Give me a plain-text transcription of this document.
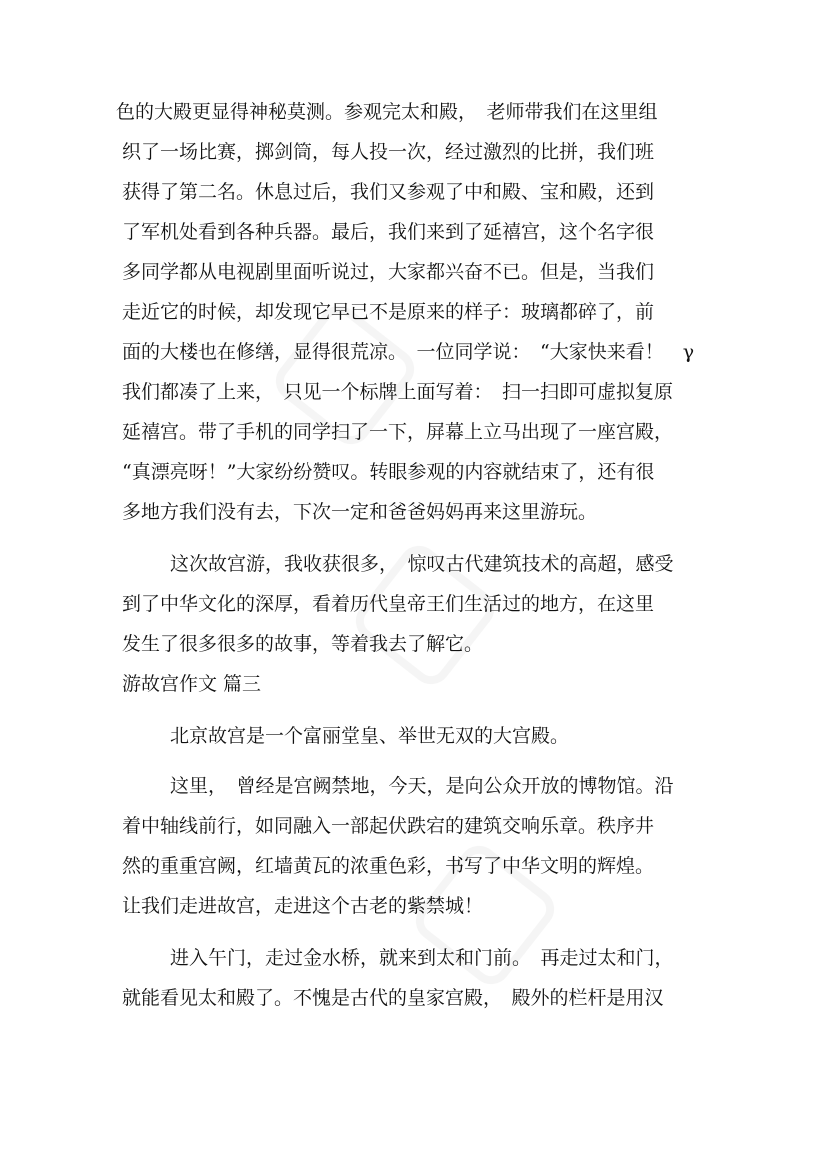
色的大殿更显得神秘莫测。参观完太和殿，　老师带我们在这里组
织了一场比赛，掷剑筒，每人投一次，经过激烈的比拼，我们班
获得了第二名。休息过后，我们又参观了中和殿、宝和殿，还到
了军机处看到各种兵器。最后，我们来到了延禧宫，这个名字很
多同学都从电视剧里面听说过，大家都兴奋不已。但是，当我们
走近它的时候，却发现它早已不是原来的样子：玻璃都碎了，前
面的大楼也在修缮，显得很荒凉。　一位同学说：　“大家快来看！　γ
我们都凑了上来，　只见一个标牌上面写着：　扫一扫即可虚拟复原
延禧宫。带了手机的同学扫了一下，屏幕上立马出现了一座宫殿，
“真漂亮呀！”大家纷纷赞叹。转眼参观的内容就结束了，还有很
多地方我们没有去，下次一定和爸爸妈妈再来这里游玩。
这次故宫游，我收获很多，　惊叹古代建筑技术的高超，感受
到了中华文化的深厚，看着历代皇帝王们生活过的地方，在这里
发生了很多很多的故事，等着我去了解它。
游故宫作文 篇三
北京故宫是一个富丽堂皇、举世无双的大宫殿。
这里，　曾经是宫阙禁地，今天，是向公众开放的博物馆。沿
着中轴线前行，如同融入一部起伏跌宕的建筑交响乐章。秩序井
然的重重宫阙，红墙黄瓦的浓重色彩，书写了中华文明的辉煌。
让我们走进故宫，走进这个古老的紫禁城！
进入午门，走过金水桥，就来到太和门前。　再走过太和门，
就能看见太和殿了。不愧是古代的皇家宫殿，　殿外的栏杆是用汉
